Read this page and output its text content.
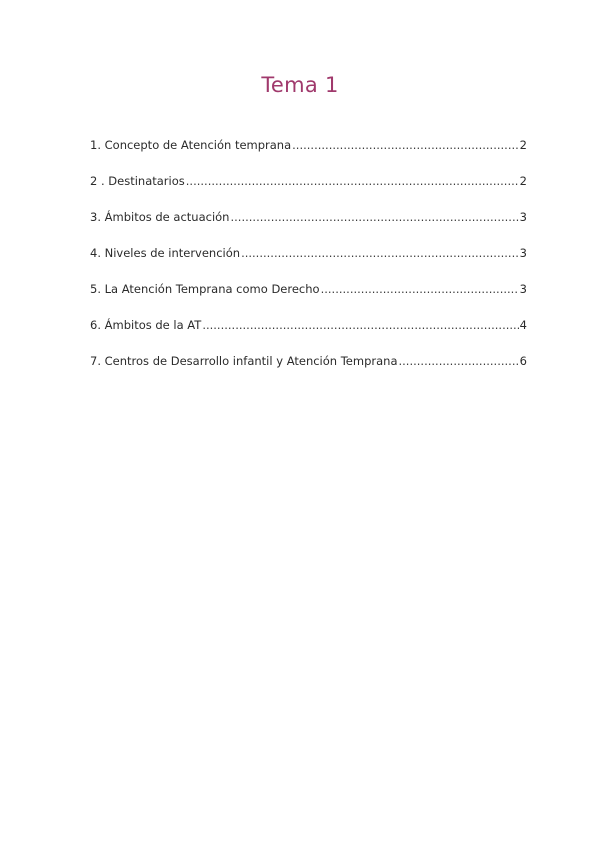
Tema 1
1. Concepto de Atención temprana .....	2
2 . Destinatarios .....	2
3. Ámbitos de actuación .....	3
4. Niveles de intervención .....	3
5. La Atención Temprana como Derecho .....	3
6. Ámbitos de la AT .....	4
7. Centros de Desarrollo infantil y Atención Temprana .....	6
